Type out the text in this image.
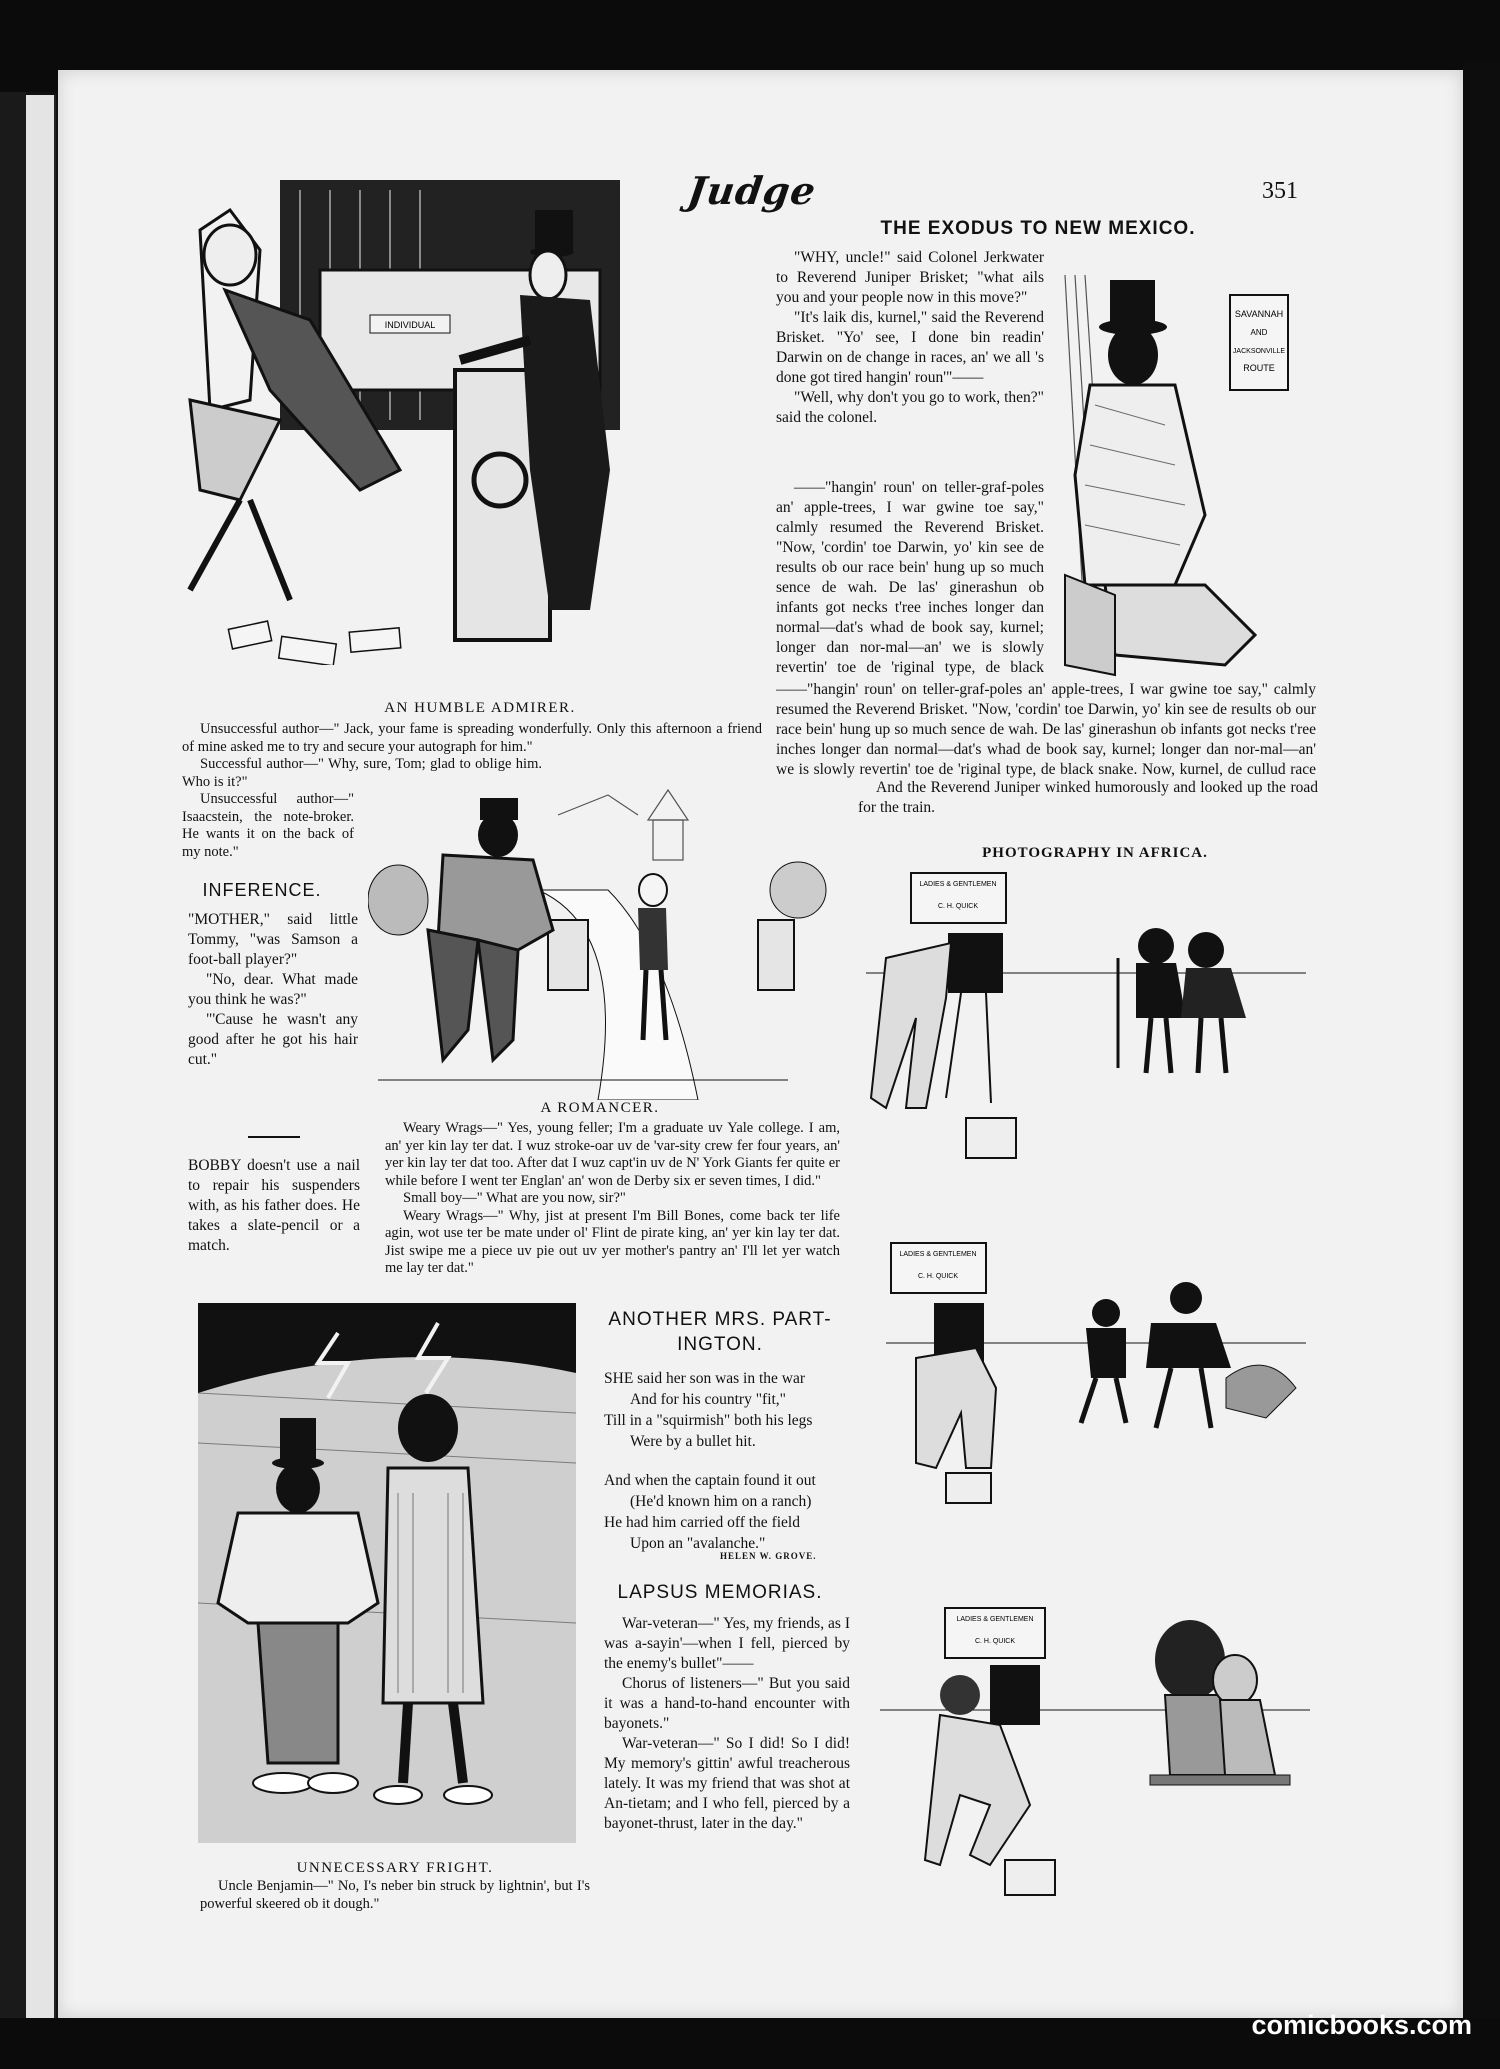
comicbooks.com
Judge	351
INDIVIDUAL
AN HUMBLE ADMIRER.

Unsuccessful author—" Jack, your fame is spreading wonderfully. Only this afternoon a friend of mine asked me to try and secure your autograph for him."

Successful author—" Why, sure, Tom; glad to oblige him. Who is it?"

Unsuccessful author—" Isaacstein, the note-broker. He wants it on the back of my note."

THE EXODUS TO NEW MEXICO.
SAVANNAH
AND
JACKSONVILLE
ROUTE

"WHY, uncle!" said Colonel Jerkwater to Reverend Juniper Brisket; "what ails you and your people now in this move?"

"It's laik dis, kurnel," said the Reverend Brisket. "Yo' see, I done bin readin' Darwin on de change in races, an' we all 's done got tired hangin' roun'"——

"Well, why don't you go to work, then?" said the colonel.

——"hangin' roun' on teller-graf-poles an' apple-trees, I war gwine toe say," calmly resumed the Reverend Brisket. "Now, 'cordin' toe Darwin, yo' kin see de results ob our race bein' hung up so much sence de wah. De las' ginerashun ob infants got necks t'ree inches longer dan normal—dat's whad de book say, kurnel; longer dan nor-mal—an' we is slowly revertin' toe de 'riginal type, de black

——"hangin' roun' on teller-graf-poles an' apple-trees, I war gwine toe say," calmly resumed the Reverend Brisket. "Now, 'cordin' toe Darwin, yo' kin see de results ob our race bein' hung up so much sence de wah. De las' ginerashun ob infants got necks t'ree inches longer dan normal—dat's whad de book say, kurnel; longer dan nor-mal—an' we is slowly revertin' toe de 'riginal type, de black snake. Now, kurnel, de cullud race

And the Reverend Juniper winked humorously and looked up the road for the train.

INFERENCE.

"MOTHER," said little Tommy, "was Samson a foot-ball player?"

"No, dear. What made you think he was?"

"'Cause he wasn't any good after he got his hair cut."

BOBBY doesn't use a nail to repair his suspenders with, as his father does. He takes a slate-pencil or a match.

A ROMANCER.

Weary Wrags—" Yes, young feller; I'm a graduate uv Yale college. I am, an' yer kin lay ter dat. I wuz stroke-oar uv de 'var-sity crew fer four years, an' yer kin lay ter dat too. After dat I wuz capt'in uv de N' York Giants fer quite er while before I went ter Englan' an' won de Derby six er seven times, I did."

Small boy—" What are you now, sir?"

Weary Wrags—" Why, jist at present I'm Bill Bones, come back ter life agin, wot use ter be mate under ol' Flint de pirate king, an' yer kin lay ter dat. Jist swipe me a piece uv pie out uv yer mother's pantry an' I'll let yer watch me lay ter dat."

PHOTOGRAPHY IN AFRICA.
LADIES & GENTLEMEN
C. H. QUICK
LADIES & GENTLEMEN
C. H. QUICK
LADIES & GENTLEMEN
C. H. QUICK
UNNECESSARY FRIGHT.

Uncle Benjamin—" No, I's neber bin struck by lightnin', but I's powerful skeered ob it dough."

ANOTHER MRS. PART-INGTON.
SHE said her son was in the war
And for his country "fit,"
Till in a "squirmish" both his legs
Were by a bullet hit.
And when the captain found it out
(He'd known him on a ranch)
He had him carried off the field
Upon an "avalanche."
HELEN W. GROVE.
LAPSUS MEMORIAS.

War-veteran—" Yes, my friends, as I was a-sayin'—when I fell, pierced by the enemy's bullet"——

Chorus of listeners—" But you said it was a hand-to-hand encounter with bayonets."

War-veteran—" So I did! So I did! My memory's gittin' awful treacherous lately. It was my friend that was shot at An-tietam; and I who fell, pierced by a bayonet-thrust, later in the day."
